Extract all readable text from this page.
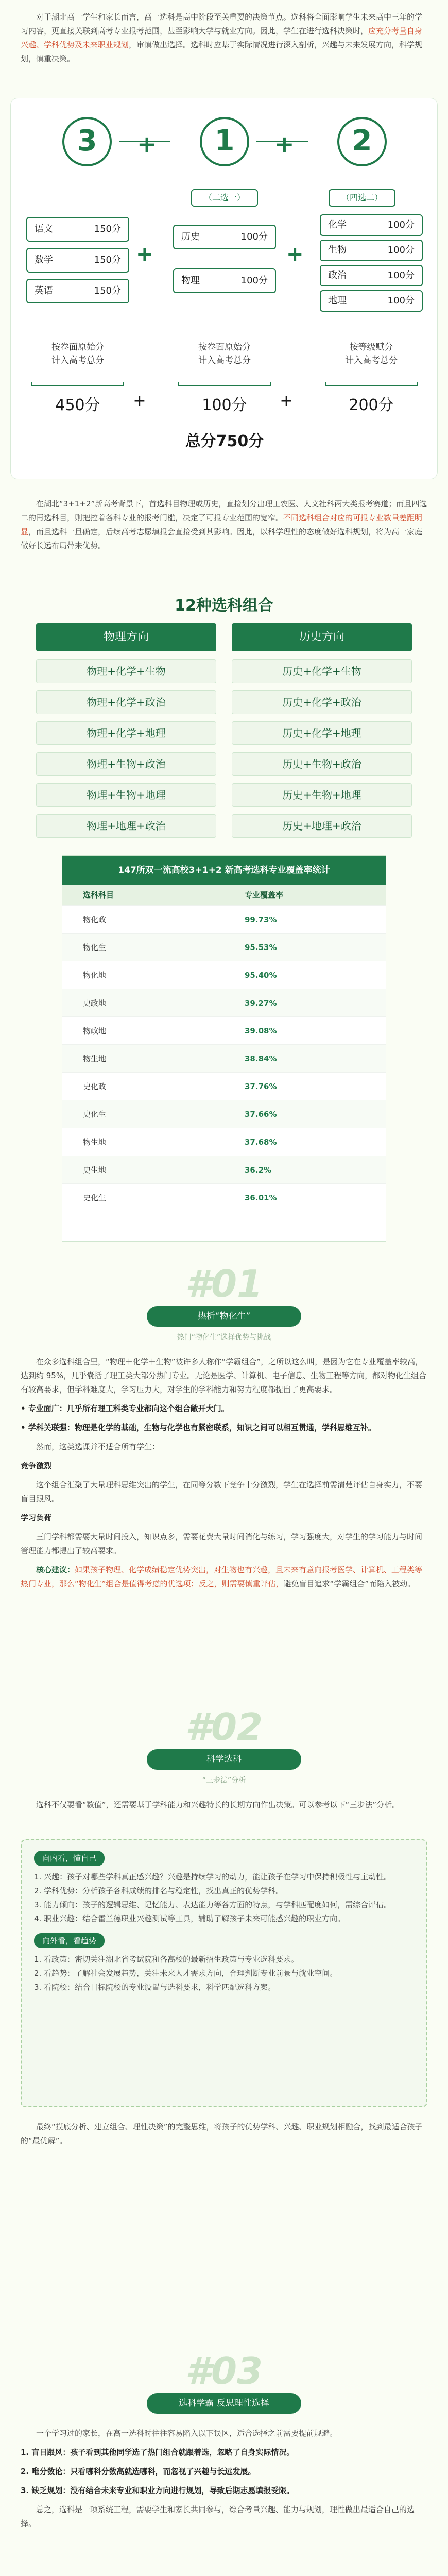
对于湖北高一学生和家长而言，高一选科是高中阶段至关重要的决策节点。选科将全面影响学生未来高中三年的学习内容，更直接关联到高考专业报考范围，甚至影响大学与就业方向。因此，学生在进行选科决策时，应充分考量自身兴趣、学科优势及未来职业规划，审慎做出选择。选科时应基于实际情况进行深入剖析，兴趣与未来发展方向，科学规划，慎重决策。
3	+	1	+	2
（二选一）	（四选二）
语文	150分
数学	150分
英语	150分
+
历史	100分
物理	100分
+
化学	100分
生物	100分
政治	100分
地理	100分
按卷面原始分
计入高考总分
按卷面原始分
计入高考总分
按等级赋分
计入高考总分
450分	+	100分	+	200分
总分750分
在湖北“3+1+2”新高考背景下，首选科目物理或历史，直接划分出理工农医、人文社科两大类报考赛道；而且四选二的再选科目，则把控着各科专业的报考门槛，决定了可报专业范围的宽窄。不同选科组合对应的可报专业数量差距明显，而且选科一旦确定，后续高考志愿填报会直接受到其影响。因此，以科学理性的态度做好选科规划，将为高一家庭做好长远布局带来优势。
12种选科组合
物理方向	历史方向
物理+化学+生物
物理+化学+政治
物理+化学+地理
物理+生物+政治
物理+生物+地理
物理+地理+政治
历史+化学+生物
历史+化学+政治
历史+化学+地理
历史+生物+政治
历史+生物+地理
历史+地理+政治
147所双一流高校3+1+2 新高考选科专业覆盖率统计
选科科目	专业覆盖率
物化政	99.73%
物化生	95.53%
物化地	95.40%
史政地	39.27%
物政地	39.08%
物生地	38.84%
史化政	37.76%
史化生	37.66%
物生地	37.68%
史生地	36.2%
史化生	36.01%
#01
热析“物化生”
热门“物化生”选择优势与挑战

在众多选科组合里，“物理＋化学＋生物”被许多人称作“学霸组合”，之所以这么叫，是因为它在专业覆盖率较高，达到约 95%，几乎囊括了理工类大部分热门专业。无论是医学、计算机、电子信息、生物工程等方向，都对物化生组合有较高要求，但学科难度大，学习压力大，对学生的学科能力和努力程度都提出了更高要求。

• 专业面广：几乎所有理工科类专业都向这个组合敞开大门。

• 学科关联强：物理是化学的基础，生物与化学也有紧密联系，知识之间可以相互贯通，学科思维互补。

然而，这类选课并不适合所有学生：

竞争激烈

这个组合汇聚了大量理科思维突出的学生，在同等分数下竞争十分激烈，学生在选择前需清楚评估自身实力，不要盲目跟风。

学习负荷

三门学科都需要大量时间投入，知识点多，需要花费大量时间消化与练习，学习强度大，对学生的学习能力与时间管理能力都提出了较高要求。

核心建议：如果孩子物理、化学成绩稳定优势突出，对生物也有兴趣，且未来有意向报考医学、计算机、工程类等热门专业，那么“物化生”组合是值得考虑的优选项；反之，则需要慎重评估，避免盲目追求“学霸组合”而陷入被动。

#02
科学选科
“三步法”分析

选科不仅要看“数值”，还需要基于学科能力和兴趣特长的长期方向作出决策。可以参考以下“三步法”分析。

向内看，懂自己
1. 兴趣：孩子对哪些学科真正感兴趣？兴趣是持续学习的动力，能让孩子在学习中保持积极性与主动性。
2. 学科优势：分析孩子各科成绩的排名与稳定性，找出真正的优势学科。
3. 能力倾向：孩子的逻辑思维、记忆能力、表达能力等各方面的特点，与学科匹配度如何，需综合评估。
4. 职业兴趣：结合霍兰德职业兴趣测试等工具，辅助了解孩子未来可能感兴趣的职业方向。
向外看，看趋势
1. 看政策：密切关注湖北省考试院和各高校的最新招生政策与专业选科要求。
2. 看趋势：了解社会发展趋势，关注未来人才需求方向，合理判断专业前景与就业空间。
3. 看院校：结合目标院校的专业设置与选科要求，科学匹配选科方案。

最终“摸底分析、建立组合、理性决策”的完整思维，将孩子的优势学科、兴趣、职业规划相融合，找到最适合孩子的“最优解”。

#03
选科学霸 反思理性选择

一个学习过的家长，在高一选科时往往容易陷入以下误区，适合选择之前需要提前规避。

1. 盲目跟风：孩子看到其他同学选了热门组合就跟着选，忽略了自身实际情况。

2. 唯分数论：只看哪科分数高就选哪科，而忽视了兴趣与长远发展。

3. 缺乏规划：没有结合未来专业和职业方向进行规划，导致后期志愿填报受限。

总之，选科是一项系统工程，需要学生和家长共同参与，综合考量兴趣、能力与规划，理性做出最适合自己的选择。
